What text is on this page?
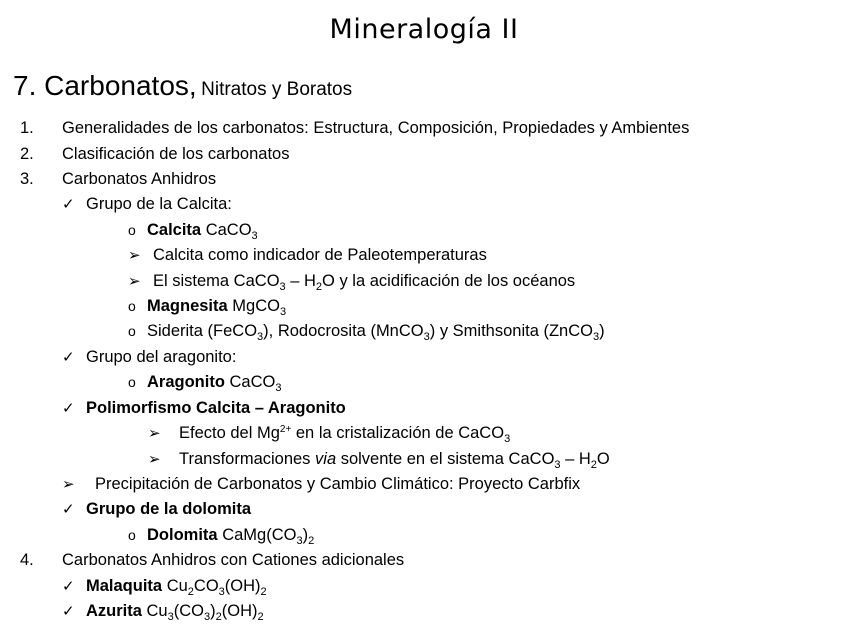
Mineralogía II
7. Carbonatos, Nitratos y Boratos
1. Generalidades de los carbonatos: Estructura, Composición, Propiedades y Ambientes
2. Clasificación de los carbonatos
3. Carbonatos Anhidros
✓ Grupo de la Calcita:
o Calcita CaCO$_3$
➢ Calcita como indicador de Paleotemperaturas
➢ El sistema CaCO$_3$ – $H_2O$ y la acidificación de los océanos
o Magnesita MgCO$_3$
o Siderita (FeCO$_3$), Rodocrosita (MnCO$_3$) y Smithsonita (ZnCO$_3$)
✓ Grupo del aragonito:
o Aragonito CaCO$_3$
✓ Polimorfismo Calcita – Aragonito
➢ Efecto del $Mg^{2+}$ en la cristalización de CaCO$_3$
➢ Transformaciones via solvente en el sistema CaCO$_3$ – $H_2O$
➢ Precipitación de Carbonatos y Cambio Climático: Proyecto Carbfix
✓ Grupo de la dolomita
o Dolomita $CaMg(CO_3)_2$
4. Carbonatos Anhidros con Cationes adicionales
✓ Malaquita $Cu_2CO_3(OH)_2$
✓ Azurita $Cu_3(CO_3)_2(OH)_2$
